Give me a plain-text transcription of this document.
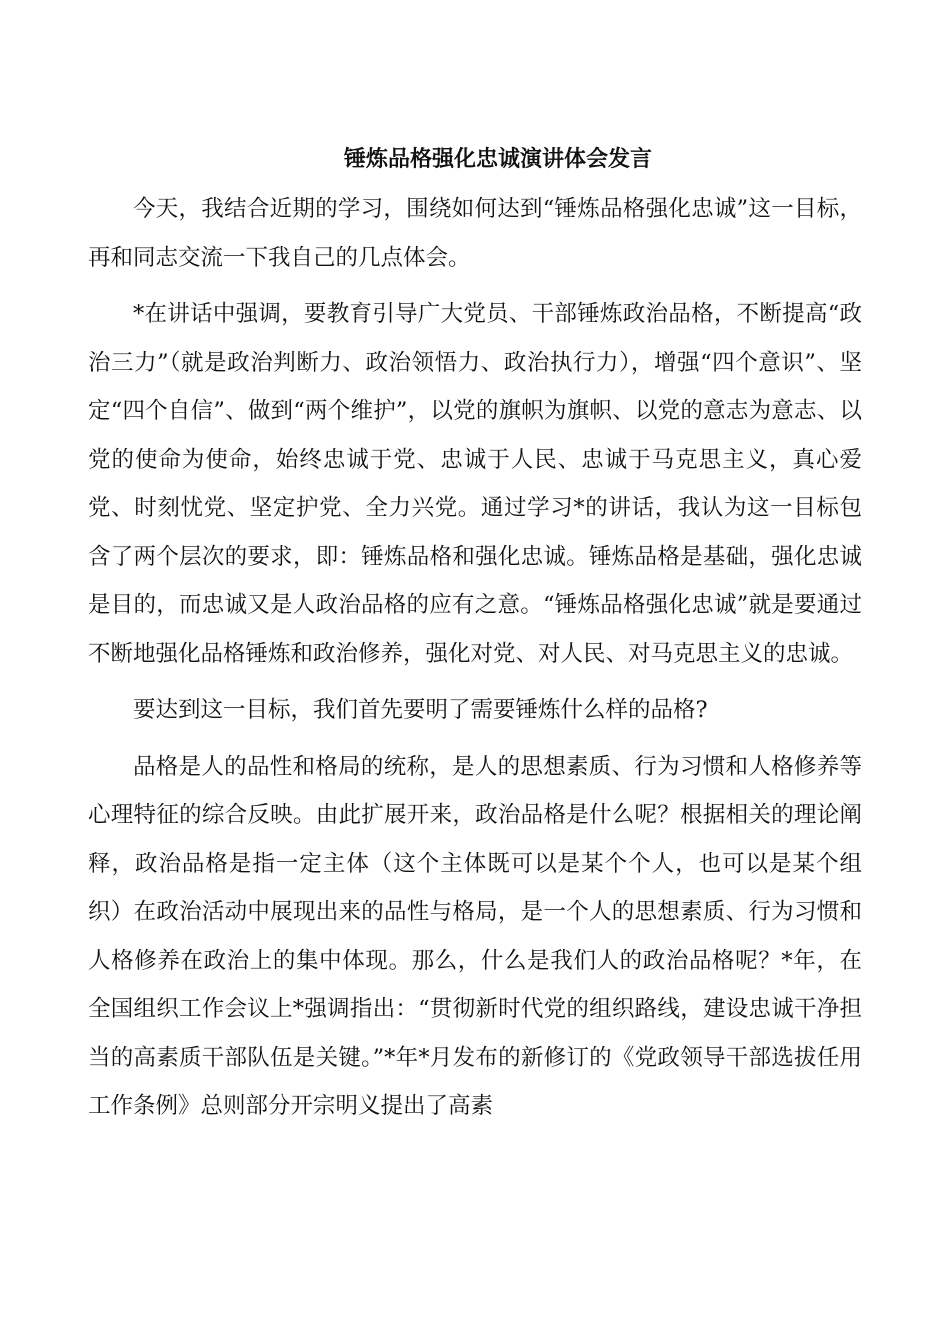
锤炼品格强化忠诚演讲体会发言

今天，我结合近期的学习，围绕如何达到“锤炼品格强化忠诚”这一目标，再和同志交流一下我自己的几点体会。

*在讲话中强调，要教育引导广大党员、干部锤炼政治品格，不断提高“政治三力”（就是政治判断力、政治领悟力、政治执行力），增强“四个意识”、坚定“四个自信”、做到“两个维护”，以党的旗帜为旗帜、以党的意志为意志、以党的使命为使命，始终忠诚于党、忠诚于人民、忠诚于马克思主义，真心爱党、时刻忧党、坚定护党、全力兴党。通过学习*的讲话，我认为这一目标包含了两个层次的要求，即：锤炼品格和强化忠诚。锤炼品格是基础，强化忠诚是目的，而忠诚又是人政治品格的应有之意。“锤炼品格强化忠诚”就是要通过不断地强化品格锤炼和政治修养，强化对党、对人民、对马克思主义的忠诚。

要达到这一目标，我们首先要明了需要锤炼什么样的品格?

品格是人的品性和格局的统称，是人的思想素质、行为习惯和人格修养等心理特征的综合反映。由此扩展开来，政治品格是什么呢？根据相关的理论阐释，政治品格是指一定主体（这个主体既可以是某个个人，也可以是某个组织）在政治活动中展现出来的品性与格局，是一个人的思想素质、行为习惯和人格修养在政治上的集中体现。那么，什么是我们人的政治品格呢？*年，在全国组织工作会议上*强调指出：“贯彻新时代党的组织路线，建设忠诚干净担当的高素质干部队伍是关键。”*年*月发布的新修订的《党政领导干部选拔任用工作条例》总则部分开宗明义提出了高素
